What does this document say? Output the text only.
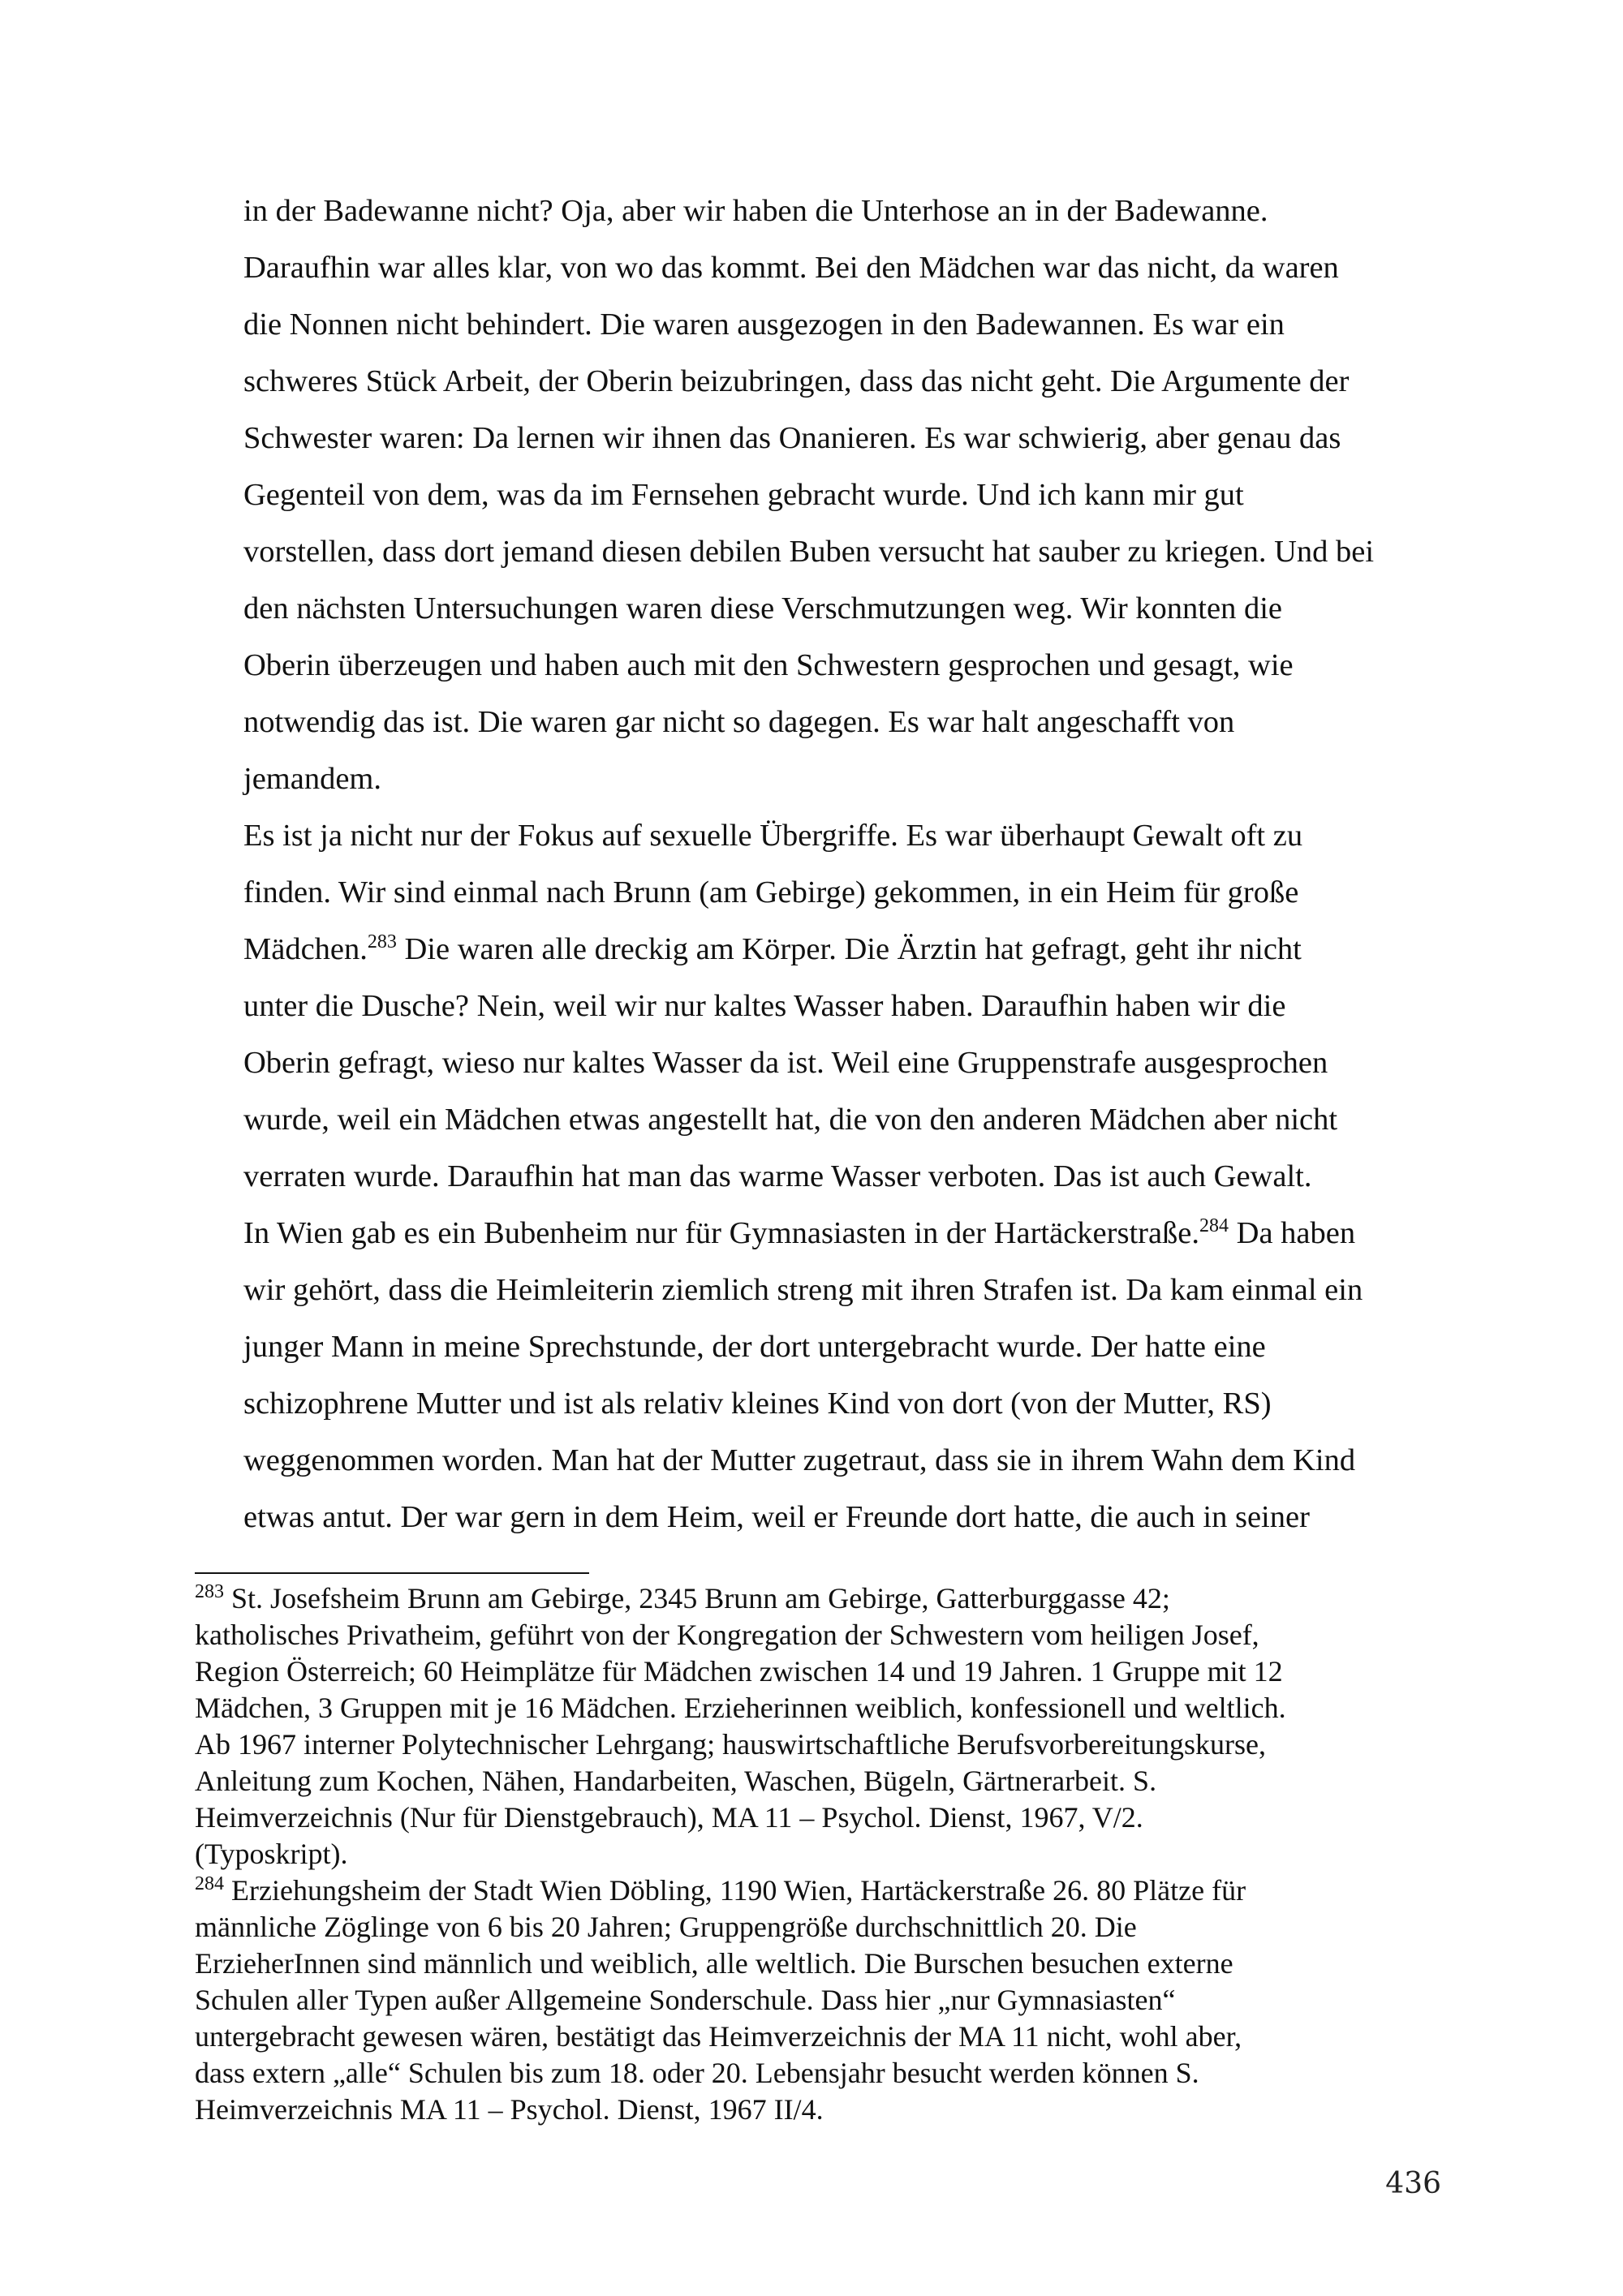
in der Badewanne nicht? Oja, aber wir haben die Unterhose an in der Badewanne.
Daraufhin war alles klar, von wo das kommt. Bei den Mädchen war das nicht, da waren
die Nonnen nicht behindert. Die waren ausgezogen in den Badewannen. Es war ein
schweres Stück Arbeit, der Oberin beizubringen, dass das nicht geht. Die Argumente der
Schwester waren: Da lernen wir ihnen das Onanieren. Es war schwierig, aber genau das
Gegenteil von dem, was da im Fernsehen gebracht wurde. Und ich kann mir gut
vorstellen, dass dort jemand diesen debilen Buben versucht hat sauber zu kriegen. Und bei
den nächsten Untersuchungen waren diese Verschmutzungen weg. Wir konnten die
Oberin überzeugen und haben auch mit den Schwestern gesprochen und gesagt, wie
notwendig das ist. Die waren gar nicht so dagegen. Es war halt angeschafft von
jemandem.
Es ist ja nicht nur der Fokus auf sexuelle Übergriffe. Es war überhaupt Gewalt oft zu
finden. Wir sind einmal nach Brunn (am Gebirge) gekommen, in ein Heim für große
Mädchen.$^{283}$ Die waren alle dreckig am Körper. Die Ärztin hat gefragt, geht ihr nicht
unter die Dusche? Nein, weil wir nur kaltes Wasser haben. Daraufhin haben wir die
Oberin gefragt, wieso nur kaltes Wasser da ist. Weil eine Gruppenstrafe ausgesprochen
wurde, weil ein Mädchen etwas angestellt hat, die von den anderen Mädchen aber nicht
verraten wurde. Daraufhin hat man das warme Wasser verboten. Das ist auch Gewalt.
In Wien gab es ein Bubenheim nur für Gymnasiasten in der Hartäckerstraße.$^{284}$ Da haben
wir gehört, dass die Heimleiterin ziemlich streng mit ihren Strafen ist. Da kam einmal ein
junger Mann in meine Sprechstunde, der dort untergebracht wurde. Der hatte eine
schizophrene Mutter und ist als relativ kleines Kind von dort (von der Mutter, RS)
weggenommen worden. Man hat der Mutter zugetraut, dass sie in ihrem Wahn dem Kind
etwas antut. Der war gern in dem Heim, weil er Freunde dort hatte, die auch in seiner
$^{283}$ St. Josefsheim Brunn am Gebirge, 2345 Brunn am Gebirge, Gatterburggasse 42;
katholisches Privatheim, geführt von der Kongregation der Schwestern vom heiligen Josef,
Region Österreich; 60 Heimplätze für Mädchen zwischen 14 und 19 Jahren. 1 Gruppe mit 12
Mädchen, 3 Gruppen mit je 16 Mädchen. Erzieherinnen weiblich, konfessionell und weltlich.
Ab 1967 interner Polytechnischer Lehrgang; hauswirtschaftliche Berufsvorbereitungskurse,
Anleitung zum Kochen, Nähen, Handarbeiten, Waschen, Bügeln, Gärtnerarbeit. S.
Heimverzeichnis (Nur für Dienstgebrauch), MA 11 – Psychol. Dienst, 1967, V/2.
(Typoskript).
$^{284}$ Erziehungsheim der Stadt Wien Döbling, 1190 Wien, Hartäckerstraße 26. 80 Plätze für
männliche Zöglinge von 6 bis 20 Jahren; Gruppengröße durchschnittlich 20. Die
ErzieherInnen sind männlich und weiblich, alle weltlich. Die Burschen besuchen externe
Schulen aller Typen außer Allgemeine Sonderschule. Dass hier „nur Gymnasiasten“
untergebracht gewesen wären, bestätigt das Heimverzeichnis der MA 11 nicht, wohl aber,
dass extern „alle“ Schulen bis zum 18. oder 20. Lebensjahr besucht werden können S.
Heimverzeichnis MA 11 – Psychol. Dienst, 1967 II/4.
436
